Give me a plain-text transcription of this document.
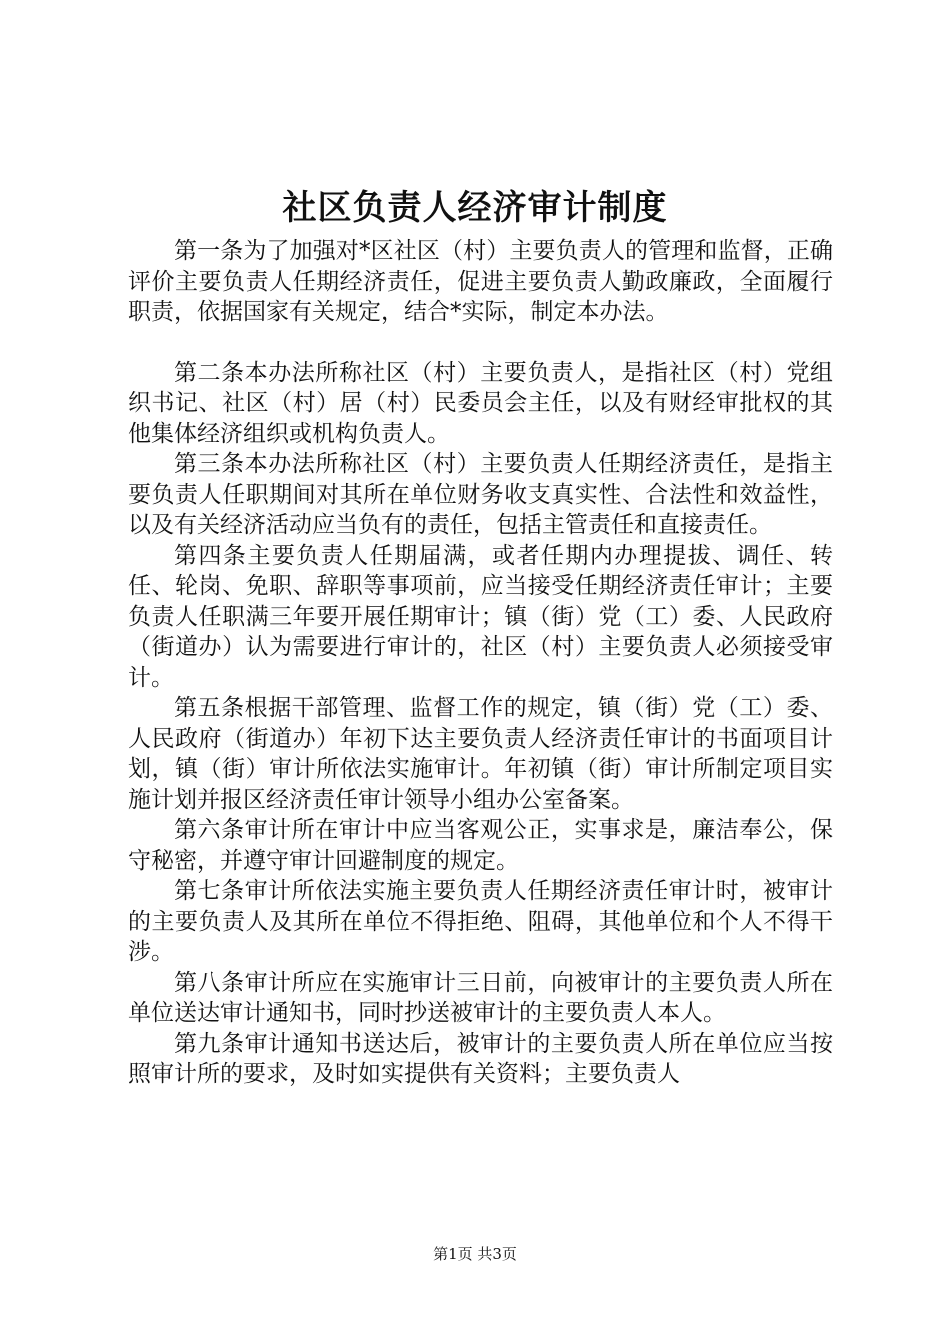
社区负责人经济审计制度

第一条为了加强对*区社区（村）主要负责人的管理和监督，正确评价主要负责人任期经济责任，促进主要负责人勤政廉政，全面履行职责，依据国家有关规定，结合*实际，制定本办法。

第二条本办法所称社区（村）主要负责人，是指社区（村）党组织书记、社区（村）居（村）民委员会主任，以及有财经审批权的其他集体经济组织或机构负责人。

第三条本办法所称社区（村）主要负责人任期经济责任，是指主要负责人任职期间对其所在单位财务收支真实性、合法性和效益性，以及有关经济活动应当负有的责任，包括主管责任和直接责任。

第四条主要负责人任期届满，或者任期内办理提拔、调任、转任、轮岗、免职、辞职等事项前，应当接受任期经济责任审计；主要负责人任职满三年要开展任期审计；镇（街）党（工）委、人民政府（街道办）认为需要进行审计的，社区（村）主要负责人必须接受审计。

第五条根据干部管理、监督工作的规定，镇（街）党（工）委、人民政府（街道办）年初下达主要负责人经济责任审计的书面项目计划，镇（街）审计所依法实施审计。年初镇（街）审计所制定项目实施计划并报区经济责任审计领导小组办公室备案。

第六条审计所在审计中应当客观公正，实事求是，廉洁奉公，保守秘密，并遵守审计回避制度的规定。

第七条审计所依法实施主要负责人任期经济责任审计时，被审计的主要负责人及其所在单位不得拒绝、阻碍，其他单位和个人不得干涉。

第八条审计所应在实施审计三日前，向被审计的主要负责人所在单位送达审计通知书，同时抄送被审计的主要负责人本人。

第九条审计通知书送达后，被审计的主要负责人所在单位应当按照审计所的要求，及时如实提供有关资料；主要负责人

第1页 共3页
